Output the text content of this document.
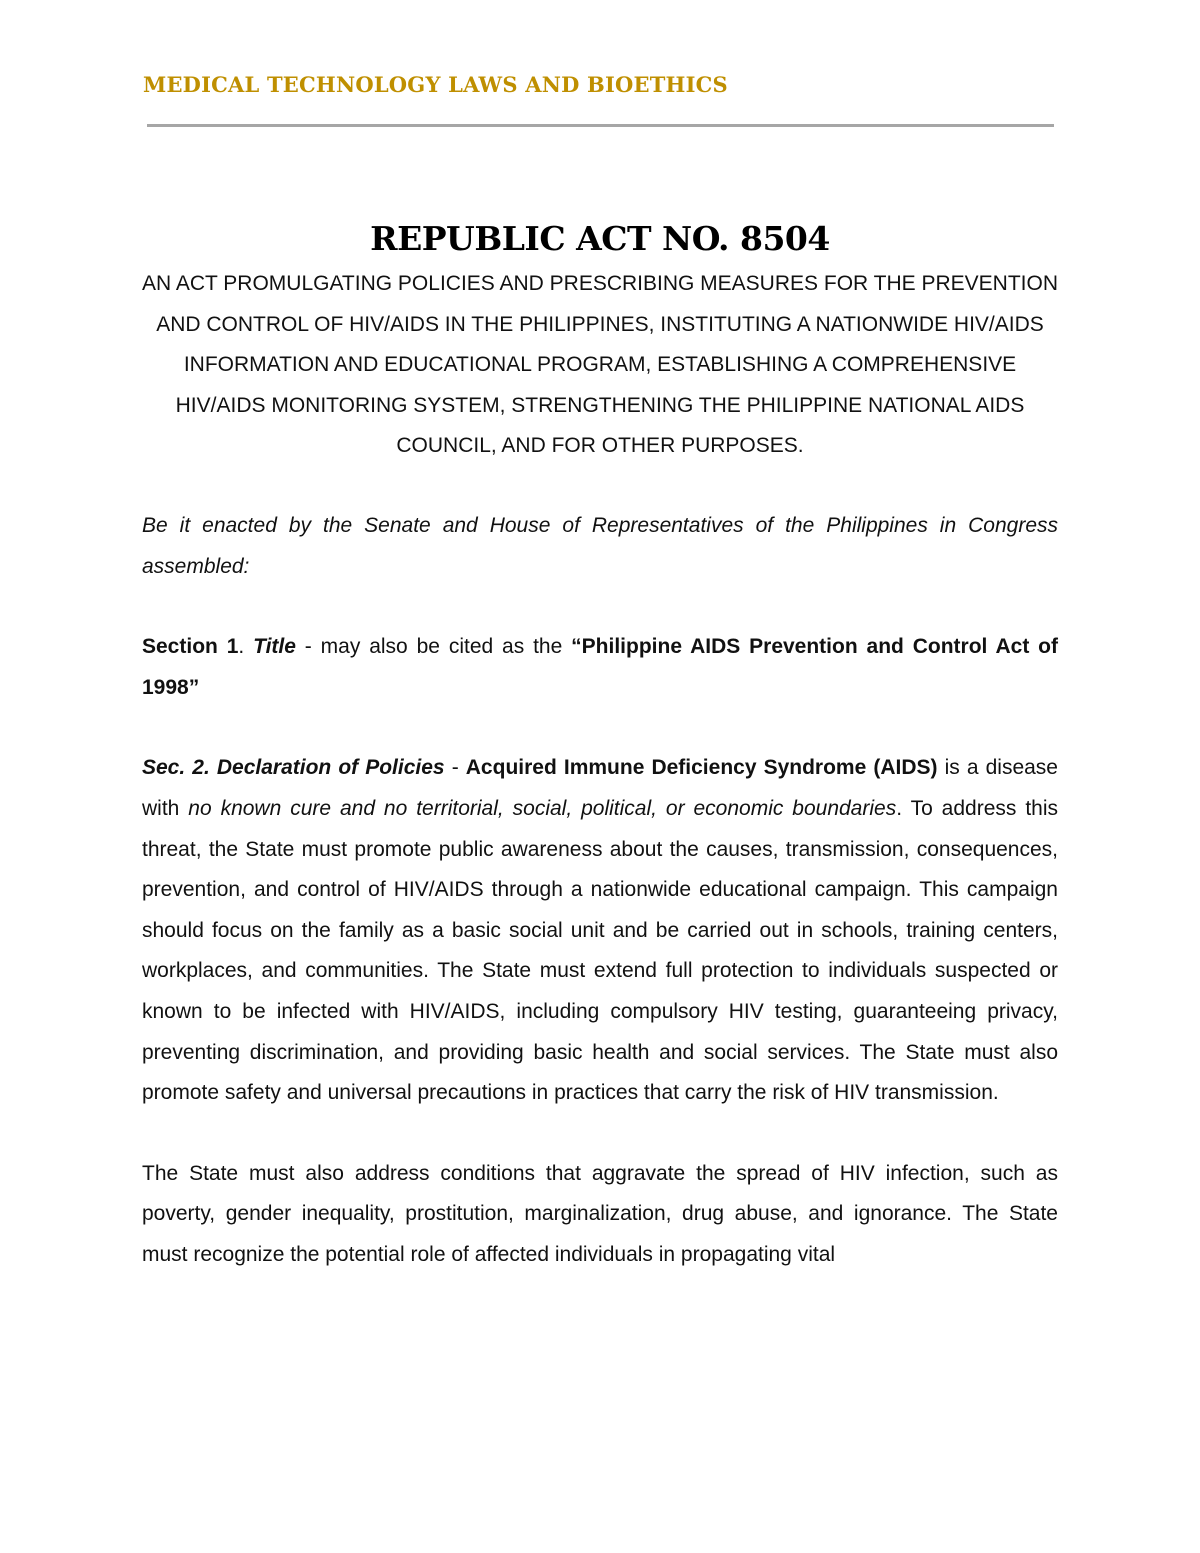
MEDICAL TECHNOLOGY LAWS AND BIOETHICS
REPUBLIC ACT NO. 8504

AN ACT PROMULGATING POLICIES AND PRESCRIBING MEASURES FOR THE PREVENTION AND CONTROL OF HIV/AIDS IN THE PHILIPPINES, INSTITUTING A NATIONWIDE HIV/AIDS INFORMATION AND EDUCATIONAL PROGRAM, ESTABLISHING A COMPREHENSIVE HIV/AIDS MONITORING SYSTEM, STRENGTHENING THE PHILIPPINE NATIONAL AIDS COUNCIL, AND FOR OTHER PURPOSES.

Be it enacted by the Senate and House of Representatives of the Philippines in Congress assembled:

Section 1. Title - may also be cited as the “Philippine AIDS Prevention and Control Act of 1998”

Sec. 2. Declaration of Policies - Acquired Immune Deficiency Syndrome (AIDS) is a disease with no known cure and no territorial, social, political, or economic boundaries. To address this threat, the State must promote public awareness about the causes, transmission, consequences, prevention, and control of HIV/AIDS through a nationwide educational campaign. This campaign should focus on the family as a basic social unit and be carried out in schools, training centers, workplaces, and communities. The State must extend full protection to individuals suspected or known to be infected with HIV/AIDS, including compulsory HIV testing, guaranteeing privacy, preventing discrimination, and providing basic health and social services. The State must also promote safety and universal precautions in practices that carry the risk of HIV transmission.

The State must also address conditions that aggravate the spread of HIV infection, such as poverty, gender inequality, prostitution, marginalization, drug abuse, and ignorance. The State must recognize the potential role of affected individuals in propagating vital
